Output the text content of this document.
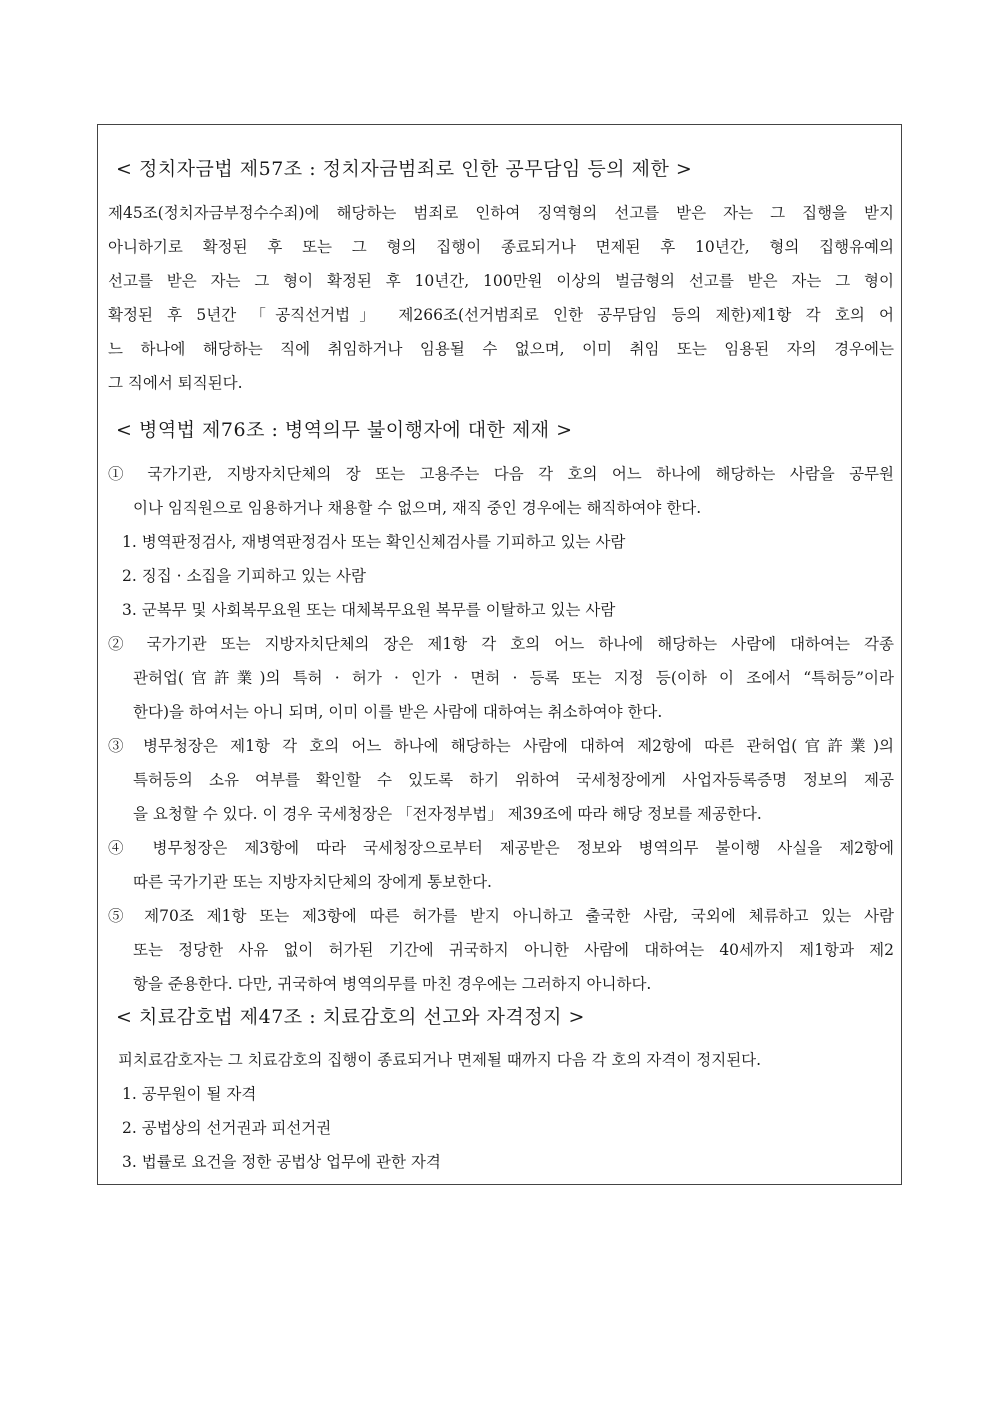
< 정치자금법 제57조 : 정치자금범죄로 인한 공무담임 등의 제한 >
제45조(정치자금부정수수죄)에 해당하는 범죄로 인하여 징역형의 선고를 받은 자는 그 집행을 받지
아니하기로 확정된 후 또는 그 형의 집행이 종료되거나 면제된 후 10년간, 형의 집행유예의
선고를 받은 자는 그 형이 확정된 후 10년간, 100만원 이상의 벌금형의 선고를 받은 자는 그 형이
확정된 후 5년간 「공직선거법」 제266조(선거범죄로 인한 공무담임 등의 제한)제1항 각 호의 어
느 하나에 해당하는 직에 취임하거나 임용될 수 없으며, 이미 취임 또는 임용된 자의 경우에는
그 직에서 퇴직된다.
< 병역법 제76조 : 병역의무 불이행자에 대한 제재 >
① 국가기관, 지방자치단체의 장 또는 고용주는 다음 각 호의 어느 하나에 해당하는 사람을 공무원
이나 임직원으로 임용하거나 채용할 수 없으며, 재직 중인 경우에는 해직하여야 한다.
1. 병역판정검사, 재병역판정검사 또는 확인신체검사를 기피하고 있는 사람
2. 징집 · 소집을 기피하고 있는 사람
3. 군복무 및 사회복무요원 또는 대체복무요원 복무를 이탈하고 있는 사람
② 국가기관 또는 지방자치단체의 장은 제1항 각 호의 어느 하나에 해당하는 사람에 대하여는 각종
관허업(官許業)의 특허 · 허가 · 인가 · 면허 · 등록 또는 지정 등(이하 이 조에서 “특허등”이라
한다)을 하여서는 아니 되며, 이미 이를 받은 사람에 대하여는 취소하여야 한다.
③ 병무청장은 제1항 각 호의 어느 하나에 해당하는 사람에 대하여 제2항에 따른 관허업(官許業)의
특허등의 소유 여부를 확인할 수 있도록 하기 위하여 국세청장에게 사업자등록증명 정보의 제공
을 요청할 수 있다. 이 경우 국세청장은 「전자정부법」 제39조에 따라 해당 정보를 제공한다.
④ 병무청장은 제3항에 따라 국세청장으로부터 제공받은 정보와 병역의무 불이행 사실을 제2항에
따른 국가기관 또는 지방자치단체의 장에게 통보한다.
⑤ 제70조 제1항 또는 제3항에 따른 허가를 받지 아니하고 출국한 사람, 국외에 체류하고 있는 사람
또는 정당한 사유 없이 허가된 기간에 귀국하지 아니한 사람에 대하여는 40세까지 제1항과 제2
항을 준용한다. 다만, 귀국하여 병역의무를 마친 경우에는 그러하지 아니하다.
< 치료감호법 제47조 : 치료감호의 선고와 자격정지 >
피치료감호자는 그 치료감호의 집행이 종료되거나 면제될 때까지 다음 각 호의 자격이 정지된다.
1. 공무원이 될 자격
2. 공법상의 선거권과 피선거권
3. 법률로 요건을 정한 공법상 업무에 관한 자격
